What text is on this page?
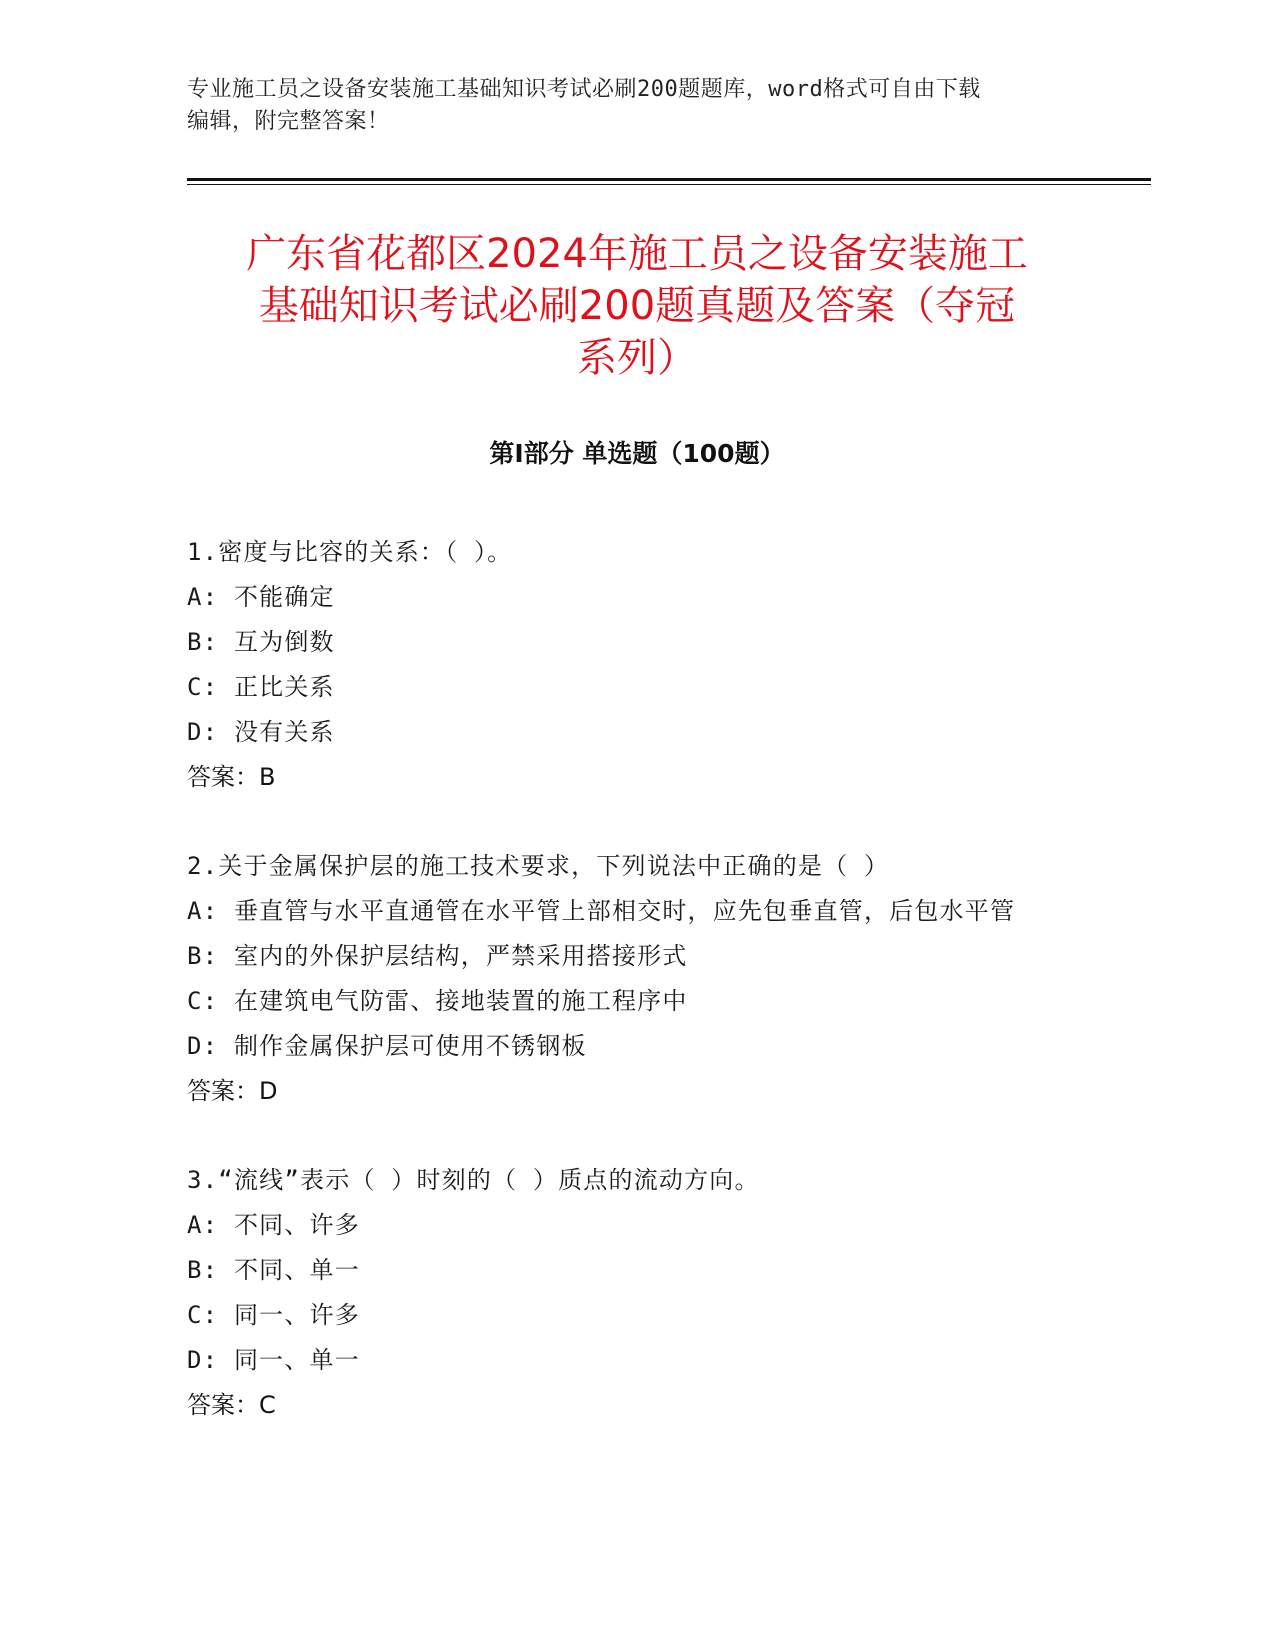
专业施工员之设备安装施工基础知识考试必刷200题题库，word格式可自由下载
编辑，附完整答案！
广东省花都区2024年施工员之设备安装施工
基础知识考试必刷200题真题及答案（夺冠
系列）
第Ⅰ部分 单选题（100题）
1.密度与比容的关系：（ ）。
A: 不能确定
B: 互为倒数
C: 正比关系
D: 没有关系
答案：B
2.关于金属保护层的施工技术要求，下列说法中正确的是（ ）
A: 垂直管与水平直通管在水平管上部相交时，应先包垂直管，后包水平管
B: 室内的外保护层结构，严禁采用搭接形式
C: 在建筑电气防雷、接地装置的施工程序中
D: 制作金属保护层可使用不锈钢板
答案：D
3.“流线”表示（ ）时刻的（ ）质点的流动方向。
A: 不同、许多
B: 不同、单一
C: 同一、许多
D: 同一、单一
答案：C
